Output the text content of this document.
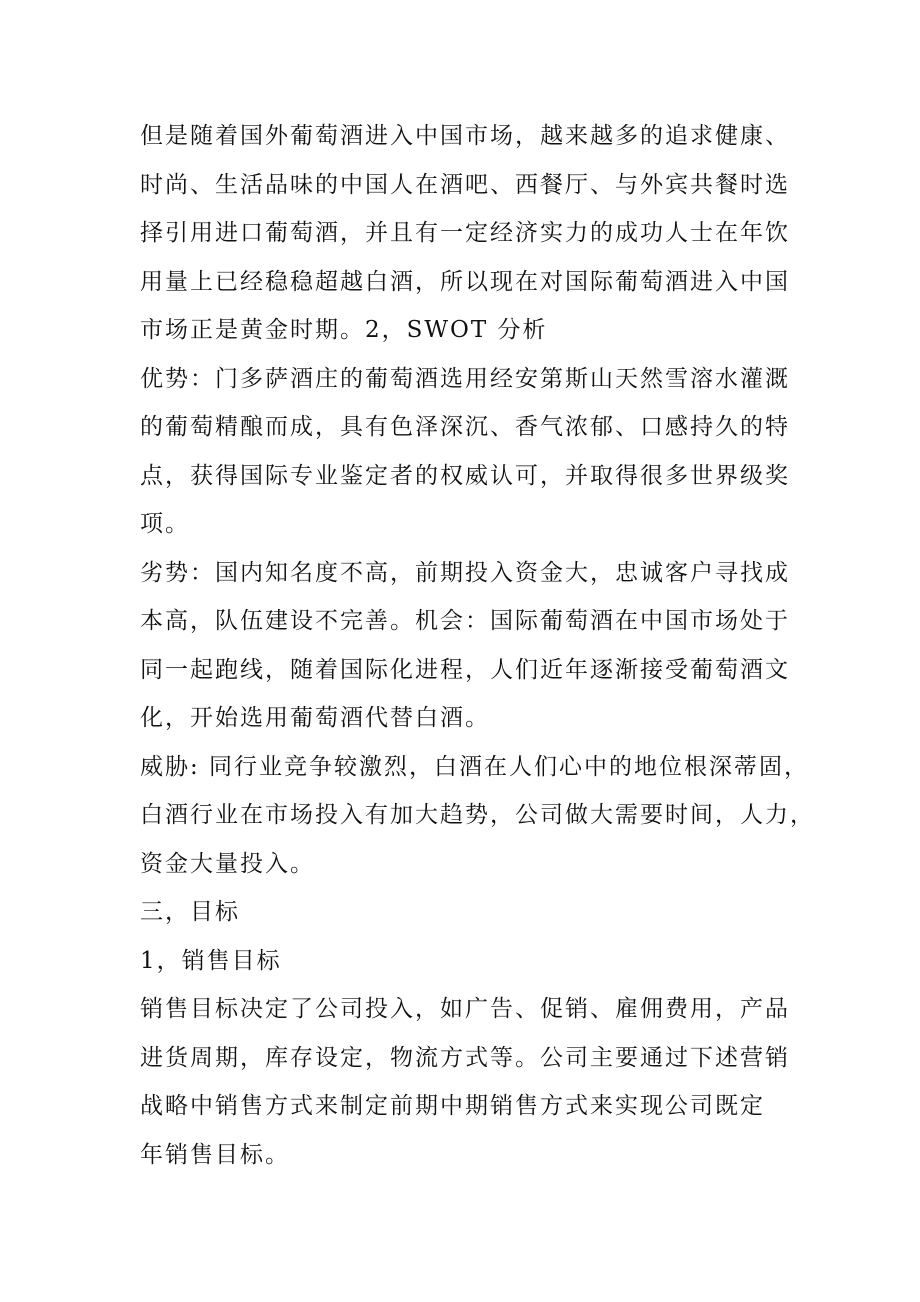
但是随着国外葡萄酒进入中国市场，越来越多的追求健康、
时尚、生活品味的中国人在酒吧、西餐厅、与外宾共餐时选
择引用进口葡萄酒，并且有一定经济实力的成功人士在年饮
用量上已经稳稳超越白酒，所以现在对国际葡萄酒进入中国
市场正是黄金时期。2，SWOT 分析

优势：门多萨酒庄的葡萄酒选用经安第斯山天然雪溶水灌溉
的葡萄精酿而成，具有色泽深沉、香气浓郁、口感持久的特
点，获得国际专业鉴定者的权威认可，并取得很多世界级奖
项。

劣势：国内知名度不高，前期投入资金大，忠诚客户寻找成
本高，队伍建设不完善。机会：国际葡萄酒在中国市场处于
同一起跑线，随着国际化进程，人们近年逐渐接受葡萄酒文
化，开始选用葡萄酒代替白酒。

威胁: 同行业竞争较激烈，白酒在人们心中的地位根深蒂固，
白酒行业在市场投入有加大趋势，公司做大需要时间，人力，
资金大量投入。

三，目标

1，销售目标

销售目标决定了公司投入，如广告、促销、雇佣费用，产品
进货周期，库存设定，物流方式等。公司主要通过下述营销
战略中销售方式来制定前期中期销售方式来实现公司既定
年销售目标。
